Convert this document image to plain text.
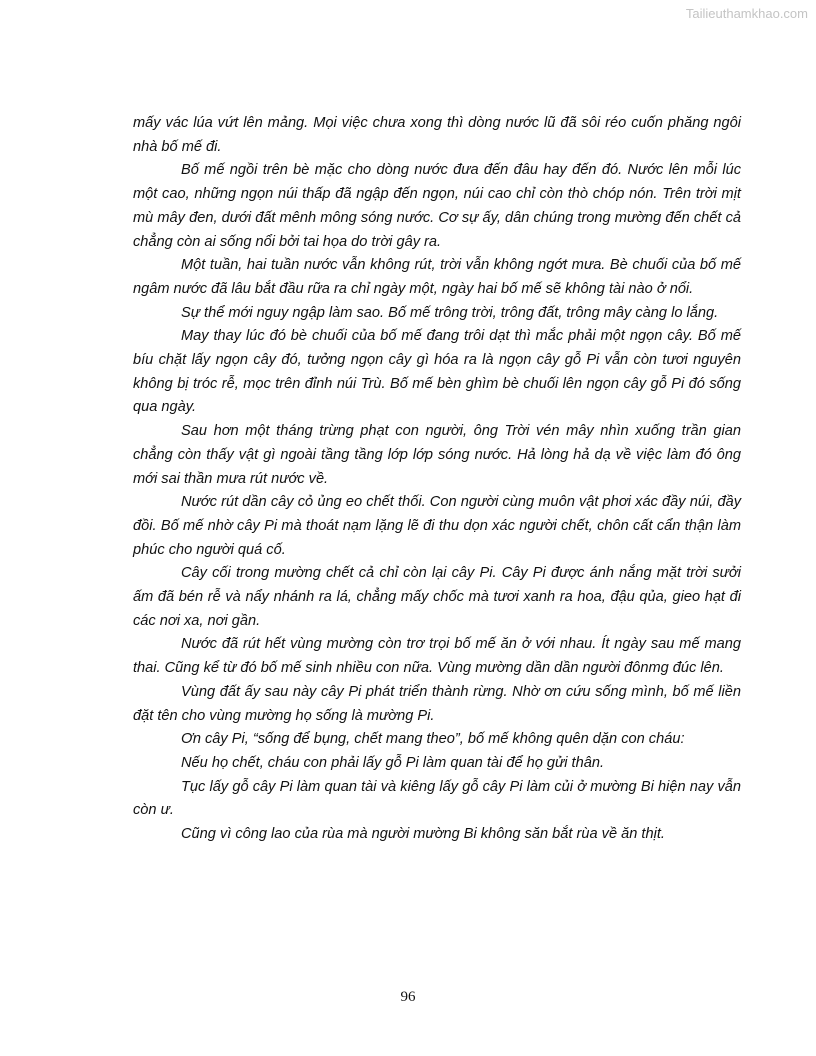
Tailieuthamkhao.com

mấy vác lúa vứt lên mảng. Mọi việc chưa xong thì dòng nước lũ đã sôi réo cuốn phăng ngôi nhà bố mế đi.

Bố mế ngồi trên bè mặc cho dòng nước đưa đến đâu hay đến đó. Nước lên mỗi lúc một cao, những ngọn núi thấp đã ngập đến ngọn, núi cao chỉ còn thò chóp nón. Trên trời mịt mù mây đen, dưới đất mênh mông sóng nước. Cơ sự ấy, dân chúng trong mường đến chết cả chẳng còn ai sống nổi bởi tai họa do trời gây ra.

Một tuần, hai tuần nước vẫn không rút, trời vẫn không ngớt mưa. Bè chuối của bố mế ngâm nước đã lâu bắt đầu rữa ra chỉ ngày một, ngày hai bố mế sẽ không tài nào ở nổi.

Sự thể mới nguy ngập làm sao. Bố mế trông trời, trông đất, trông mây càng lo lắng.

May thay lúc đó bè chuối của bố mế đang trôi dạt thì mắc phải một ngọn cây. Bố mế bíu chặt lấy ngọn cây đó, tưởng ngọn cây gì hóa ra là ngọn cây gỗ Pi vẫn còn tươi nguyên không bị tróc rễ, mọc trên đỉnh núi Trù. Bố mế bèn ghìm bè chuối lên ngọn cây gỗ Pi đó sống qua ngày.

Sau hơn một tháng trừng phạt con người, ông Trời vén mây nhìn xuống trần gian chẳng còn thấy vật gì ngoài tầng tầng lớp lớp sóng nước. Hả lòng hả dạ về việc làm đó ông mới sai thần mưa rút nước về.

Nước rút dần cây cỏ ủng eo chết thối. Con người cùng muôn vật phơi xác đầy núi, đầy đồi. Bố mế nhờ cây Pi mà thoát nạm lặng lẽ đi thu dọn xác người chết, chôn cất cẩn thận làm phúc cho người quá cố.

Cây cối trong mường chết cả chỉ còn lại cây Pi. Cây Pi được ánh nắng mặt trời sưởi ấm đã bén rễ và nẩy nhánh ra lá, chẳng mấy chốc mà tươi xanh ra hoa, đậu qủa, gieo hạt đi các nơi xa, nơi gần.

Nước đã rút hết vùng mường còn trơ trọi bố mế ăn ở với nhau. Ít ngày sau mế mang thai. Cũng kể từ đó bố mế sinh nhiều con nữa. Vùng mường dần dần người đônmg đúc lên.

Vùng đất ấy sau này cây Pi phát triển thành rừng. Nhờ ơn cứu sống mình, bố mế liền đặt tên cho vùng mường họ sống là mường Pi.

Ơn cây Pi, “sống để bụng, chết mang theo”, bố mế không quên dặn con cháu:

Nếu họ chết, cháu con phải lấy gỗ Pi làm quan tài để họ gửi thân.

Tục lấy gỗ cây Pi làm quan tài và kiêng lấy gỗ cây Pi làm củi ở mường Bi hiện nay vẫn còn ư.

Cũng vì công lao của rùa mà người mường Bi không săn bắt rùa về ăn thịt.

96
